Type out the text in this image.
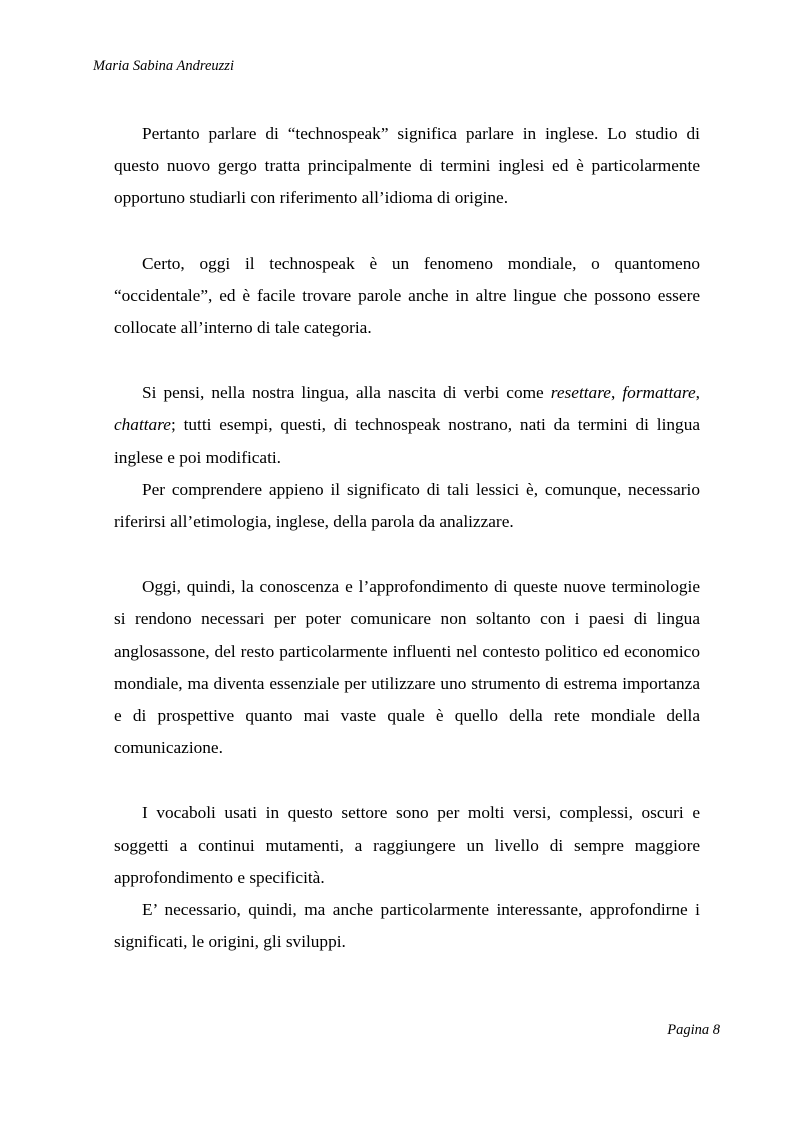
Maria Sabina Andreuzzi

Pertanto parlare di “technospeak” significa parlare in inglese. Lo studio di questo nuovo gergo tratta principalmente di termini inglesi ed è particolarmente opportuno studiarli con riferimento all’idioma di origine.

Certo, oggi il technospeak è un fenomeno mondiale, o quantomeno “occidentale”, ed è facile trovare parole anche in altre lingue che possono essere collocate all’interno di tale categoria.

Si pensi, nella nostra lingua, alla nascita di verbi come resettare, formattare, chattare; tutti esempi, questi, di technospeak nostrano, nati da termini di lingua inglese e poi modificati.

Per comprendere appieno il significato di tali lessici è, comunque, necessario riferirsi all’etimologia, inglese, della parola da analizzare.

Oggi, quindi, la conoscenza e l’approfondimento di queste nuove terminologie si rendono necessari per poter comunicare non soltanto con i paesi di lingua anglosassone, del resto particolarmente influenti nel contesto politico ed economico mondiale, ma diventa essenziale per utilizzare uno strumento di estrema importanza e di prospettive quanto mai vaste quale è quello della rete mondiale della comunicazione.

I vocaboli usati in questo settore sono per molti versi, complessi, oscuri e soggetti a continui mutamenti, a raggiungere un livello di sempre maggiore approfondimento e specificità.

E’ necessario, quindi, ma anche particolarmente interessante, approfondirne i significati, le origini, gli sviluppi.

Pagina 8
